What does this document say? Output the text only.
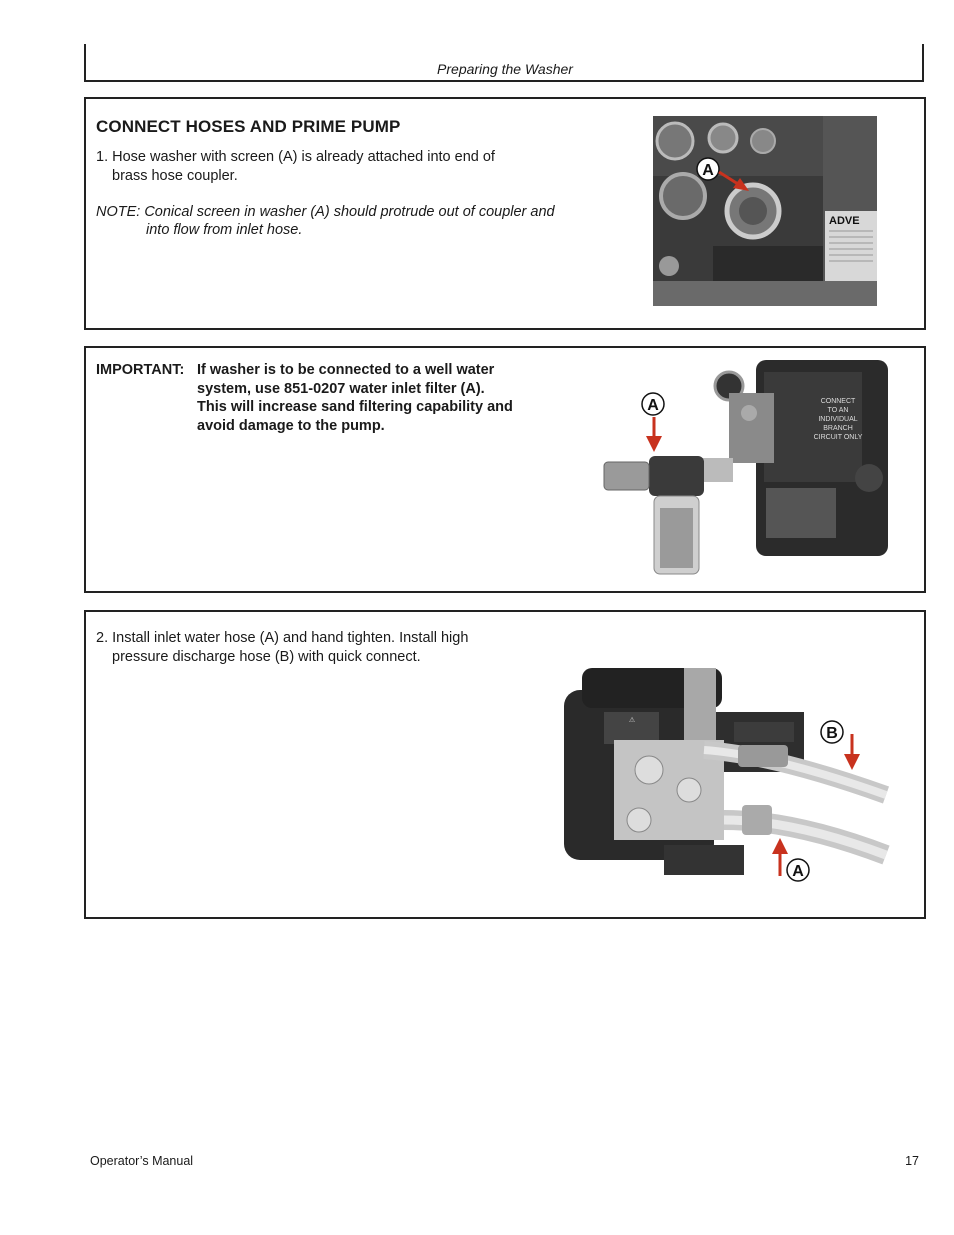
Preparing the Washer
CONNECT HOSES AND PRIME PUMP
1. Hose washer with screen (A) is already attached into end of brass hose coupler.
NOTE: Conical screen in washer (A) should protrude out of coupler and into flow from inlet hose.
ADVE
A
IMPORTANT: If washer is to be connected to a well water system, use 851-0207 water inlet filter (A). This will increase sand filtering capability and avoid damage to the pump.
CONNECT
TO AN
INDIVIDUAL
BRANCH
CIRCUIT ONLY
A
2. Install inlet water hose (A) and hand tighten. Install high pressure discharge hose (B) with quick connect.
⚠
B
A
Operator’s Manual	17
